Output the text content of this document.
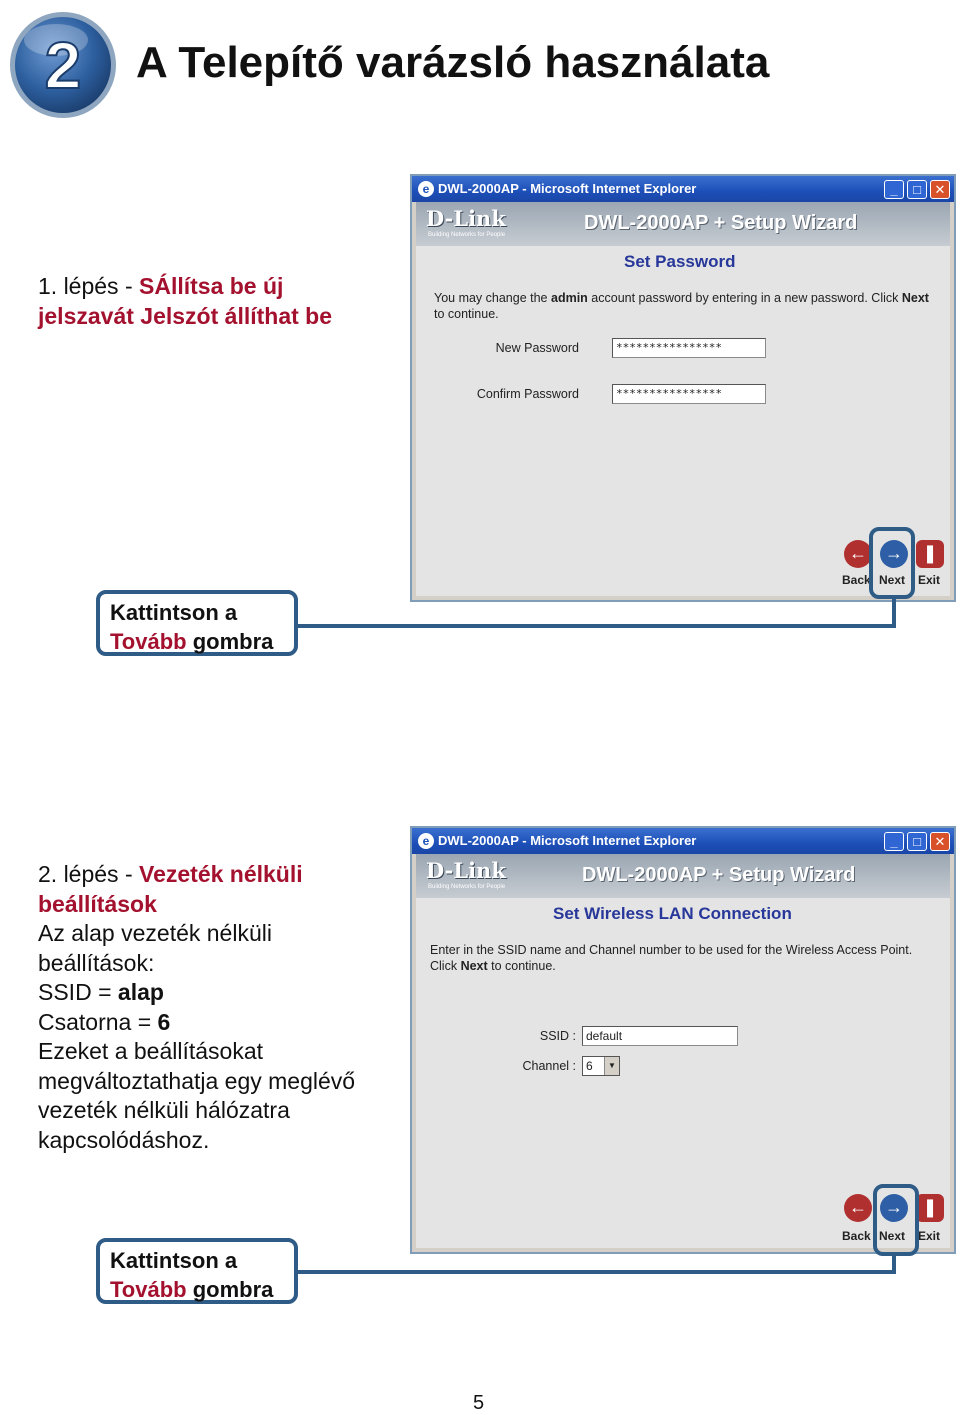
2 A Telepítő varázsló használata
1. lépés - SÁllítsa be új jelszavát Jelszót állíthat be
e DWL-2000AP - Microsoft Internet Explorer	_	□	✕
D-Link
Building Networks for People
DWL-2000AP + Setup Wizard
Set Password
You may change the admin account password by entering in a new password. Click Next to continue.
New Password	****************
Confirm Password	****************
←
Back
→
Next
❚
Exit
Kattintson a
Tovább gombra
2. lépés - Vezeték nélküli beállítások
Az alap vezeték nélküli beállítások:
SSID = alap
Csatorna = 6
Ezeket a beállításokat megváltoztathatja egy meglévő vezeték nélküli hálózatra kapcsolódáshoz.
e DWL-2000AP - Microsoft Internet Explorer	_	□	✕
D-Link
Building Networks for People
DWL-2000AP + Setup Wizard
Set Wireless LAN Connection
Enter in the SSID name and Channel number to be used for the Wireless Access Point. Click Next to continue.
SSID : default
Channel : 6	▼
←
Back
→
Next
❚
Exit
Kattintson a
Tovább gombra
5
